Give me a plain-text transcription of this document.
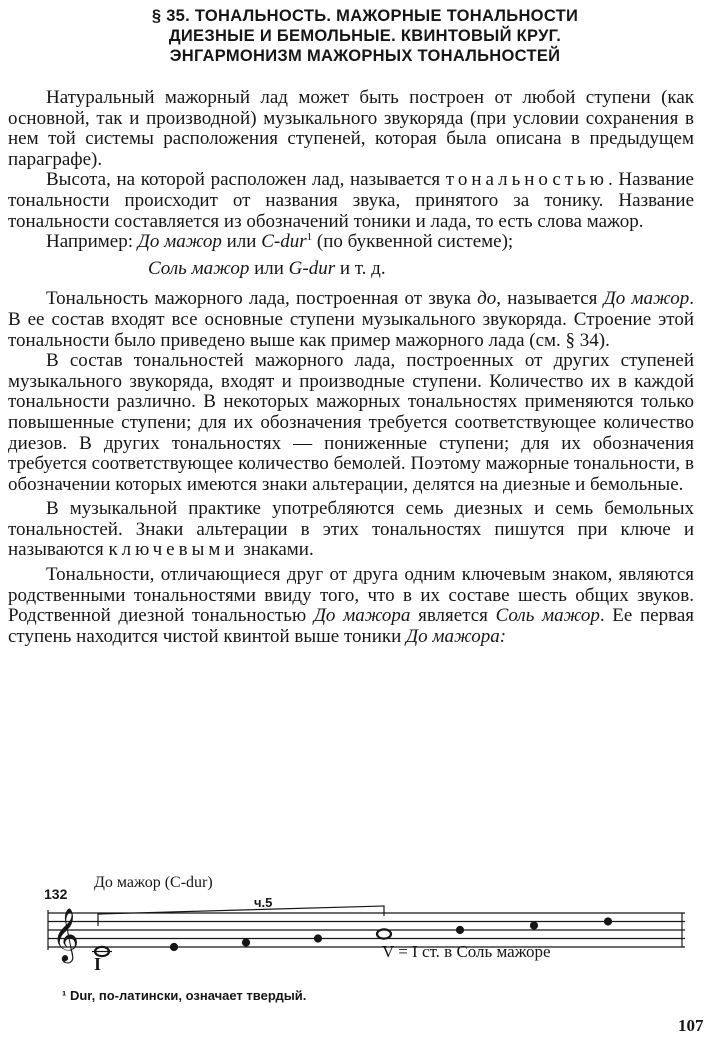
§ 35. ТОНАЛЬНОСТЬ. МАЖОРНЫЕ ТОНАЛЬНОСТИ
ДИЕЗНЫЕ И БЕМОЛЬНЫЕ. КВИНТОВЫЙ КРУГ.
ЭНГАРМОНИЗМ МАЖОРНЫХ ТОНАЛЬНОСТЕЙ

Натуральный мажорный лад может быть построен от любой ступени (как основной, так и производной) музыкального звукоряда (при условии сохранения в нем той системы расположения ступеней, которая была описана в предыдущем параграфе).

Высота, на которой расположен лад, называется тональностью. Название тональности происходит от названия звука, принятого за тонику. Название тональности составляется из обозначений тоники и лада, то есть слова мажор.

Например: До мажор или C-dur$^1$ (по буквенной системе);

Соль мажор или G-dur и т. д.

Тональность мажорного лада, построенная от звука до, называется До мажор. В ее состав входят все основные ступени музыкального звукоряда. Строение этой тональности было приведено выше как пример мажорного лада (см. § 34).

В состав тональностей мажорного лада, построенных от других ступеней музыкального звукоряда, входят и производные ступени. Количество их в каждой тональности различно. В некоторых мажорных тональностях применяются только повышенные ступени; для их обозначения требуется соответствующее количество диезов. В других тональностях — пониженные ступени; для их обозначения требуется соответствующее количество бемолей. Поэтому мажорные тональности, в обозначении которых имеются знаки альтерации, делятся на диезные и бемольные.

В музыкальной практике употребляются семь диезных и семь бемольных тональностей. Знаки альтерации в этих тональностях пишутся при ключе и называются ключевыми знаками.

Тональности, отличающиеся друг от друга одним ключевым знаком, являются родственными тональностями ввиду того, что в их составе шесть общих звуков. Родственной диезной тональностью До мажора является Соль мажор. Ее первая ступень находится чистой квинтой выше тоники До мажора:

132
До мажор (C-dur)
ч.5
𝄞
I
V = I ст. в Соль мажоре
¹ Dur, по-латински, означает твердый.
107
